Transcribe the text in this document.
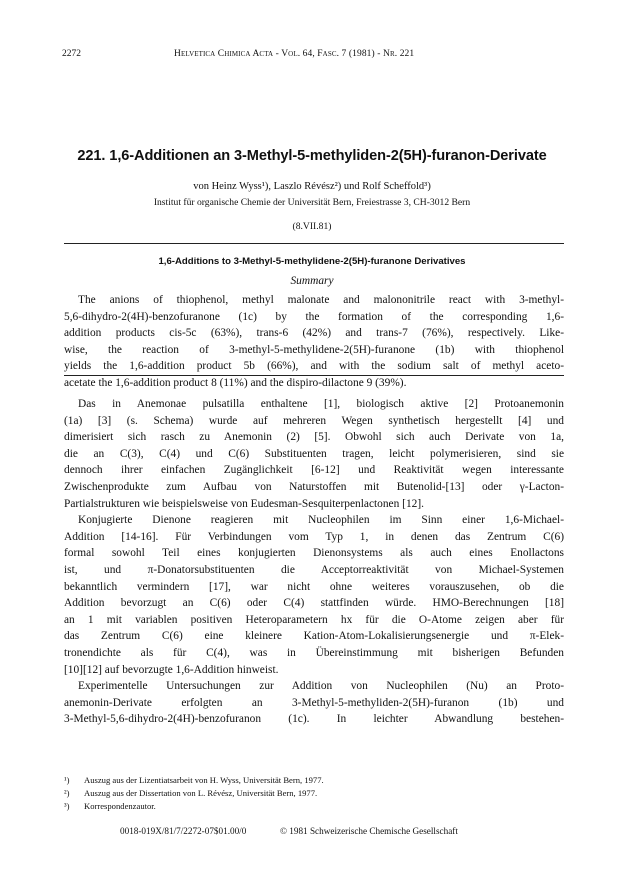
2272	Helvetica Chimica Acta - Vol. 64, Fasc. 7 (1981) - Nr. 221
221. 1,6-Additionen an 3-Methyl-5-methyliden-2(5H)-furanon-Derivate
von Heinz Wyss¹), Laszlo Révész²) und Rolf Scheffold³)
Institut für organische Chemie der Universität Bern, Freiestrasse 3, CH-3012 Bern
(8.VII.81)
1,6-Additions to 3-Methyl-5-methylidene-2(5H)-furanone Derivatives
Summary
The anions of thiophenol, methyl malonate and malononitrile react with 3-methyl-
5,6-dihydro-2(4H)-benzofuranone (1c) by the formation of the corresponding 1,6-
addition products cis-5c (63%), trans-6 (42%) and trans-7 (76%), respectively. Like-
wise, the reaction of 3-methyl-5-methylidene-2(5H)-furanone (1b) with thiophenol
yields the 1,6-addition product 5b (66%), and with the sodium salt of methyl aceto-
acetate the 1,6-addition product 8 (11%) and the dispiro-dilactone 9 (39%).
Das in Anemonae pulsatilla enthaltene [1], biologisch aktive [2] Protoanemonin
(1a) [3] (s. Schema) wurde auf mehreren Wegen synthetisch hergestellt [4] und
dimerisiert sich rasch zu Anemonin (2) [5]. Obwohl sich auch Derivate von 1a,
die an C(3), C(4) und C(6) Substituenten tragen, leicht polymerisieren, sind sie
dennoch ihrer einfachen Zugänglichkeit [6-12] und Reaktivität wegen interessante
Zwischenprodukte zum Aufbau von Naturstoffen mit Butenolid-[13] oder γ-Lacton-
Partialstrukturen wie beispielsweise von Eudesman-Sesquiterpenlactonen [12].
Konjugierte Dienone reagieren mit Nucleophilen im Sinn einer 1,6-Michael-
Addition [14-16]. Für Verbindungen vom Typ 1, in denen das Zentrum C(6)
formal sowohl Teil eines konjugierten Dienonsystems als auch eines Enollactons
ist, und π-Donatorsubstituenten die Acceptorreaktivität von Michael-Systemen
bekanntlich vermindern [17], war nicht ohne weiteres vorauszusehen, ob die
Addition bevorzugt an C(6) oder C(4) stattfinden würde. HMO-Berechnungen [18]
an 1 mit variablen positiven Heteroparametern hx für die O-Atome zeigen aber für
das Zentrum C(6) eine kleinere Kation-Atom-Lokalisierungsenergie und π-Elek-
tronendichte als für C(4), was in Übereinstimmung mit bisherigen Befunden
[10][12] auf bevorzugte 1,6-Addition hinweist.
Experimentelle Untersuchungen zur Addition von Nucleophilen (Nu) an Proto-
anemonin-Derivate erfolgten an 3-Methyl-5-methyliden-2(5H)-furanon (1b) und
3-Methyl-5,6-dihydro-2(4H)-benzofuranon (1c). In leichter Abwandlung bestehen-
¹)	Auszug aus der Lizentiatsarbeit von H. Wyss, Universität Bern, 1977.
²)	Auszug aus der Dissertation von L. Révész, Universität Bern, 1977.
³)	Korrespondenzautor.
0018-019X/81/7/2272-07$01.00/0	© 1981 Schweizerische Chemische Gesellschaft
